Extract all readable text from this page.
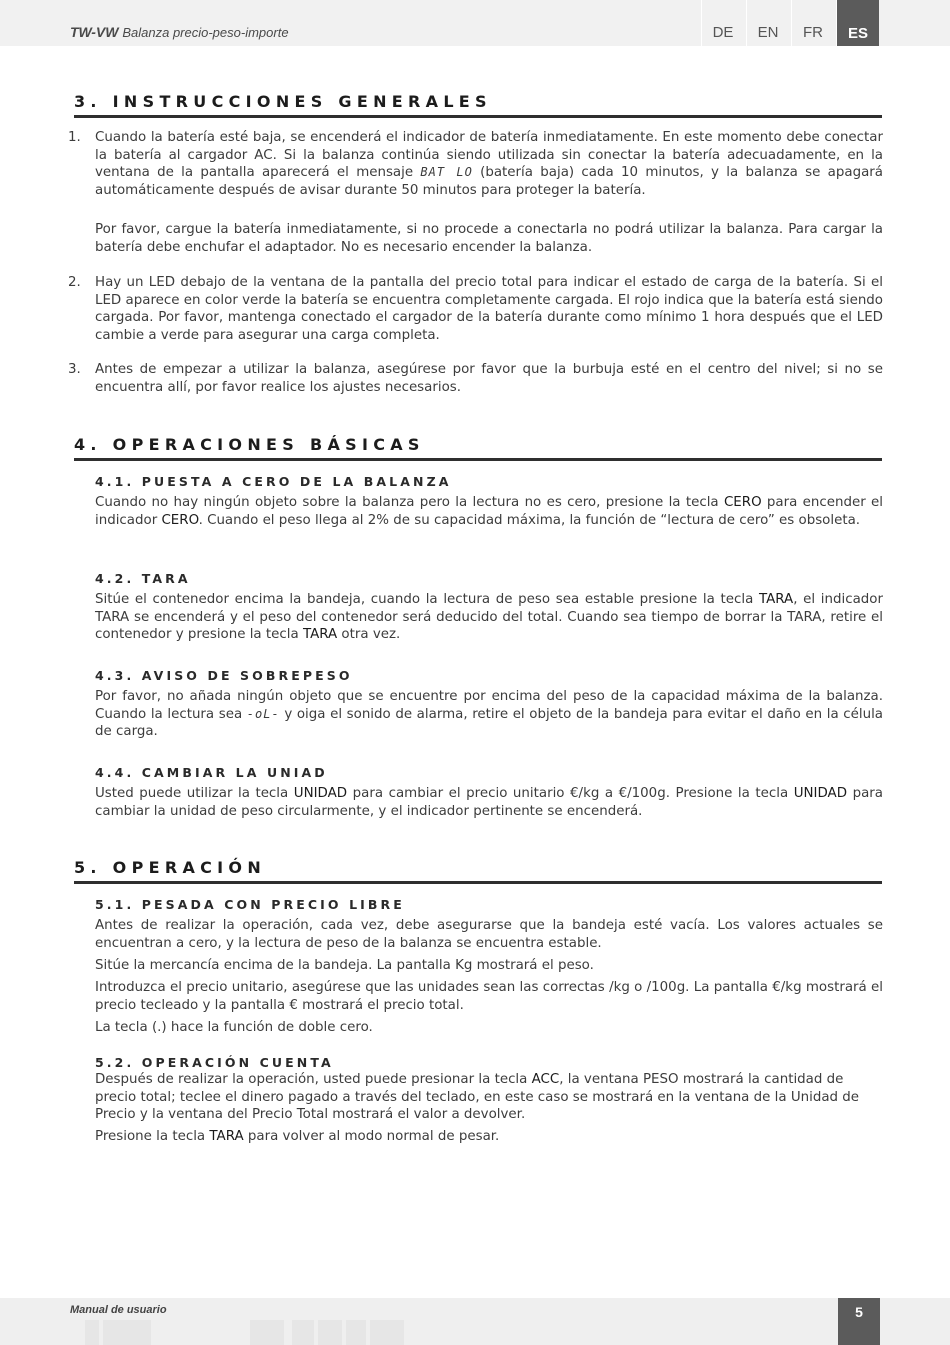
TW-VW Balanza precio-peso-importe	DE	EN	FR	ES
3. INSTRUCCIONES GENERALES
1. Cuando la batería esté baja, se encenderá el indicador de batería inmediatamente. En este momento debe conectar la batería al cargador AC. Si la balanza continúa siendo utilizada sin conectar la batería adecuadamente, en la ventana de la pantalla aparecerá el mensaje BAT LO (batería baja) cada 10 minutos, y la balanza se apagará automáticamente después de avisar durante 50 minutos para proteger la batería.

Por favor, cargue la batería inmediatamente, si no procede a conectarla no podrá utilizar la balanza. Para cargar la batería debe enchufar el adaptador. No es necesario encender la balanza.

2. Hay un LED debajo de la ventana de la pantalla del precio total para indicar el estado de carga de la batería. Si el LED aparece en color verde la batería se encuentra completamente cargada. El rojo indica que la batería está siendo cargada. Por favor, mantenga conectado el cargador de la batería durante como mínimo 1 hora después que el LED cambie a verde para asegurar una carga completa.

3. Antes de empezar a utilizar la balanza, asegúrese por favor que la burbuja esté en el centro del nivel; si no se encuentra allí, por favor realice los ajustes necesarios.

4. OPERACIONES BÁSICAS

4.1. PUESTA A CERO DE LA BALANZA

Cuando no hay ningún objeto sobre la balanza pero la lectura no es cero, presione la tecla CERO para encender el indicador CERO. Cuando el peso llega al 2% de su capacidad máxima, la función de “lectura de cero” es obsoleta.

4.2. TARA

Sitúe el contenedor encima la bandeja, cuando la lectura de peso sea estable presione la tecla TARA, el indicador TARA se encenderá y el peso del contenedor será deducido del total. Cuando sea tiempo de borrar la TARA, retire el contenedor y presione la tecla TARA otra vez.

4.3. AVISO DE SOBREPESO

Por favor, no añada ningún objeto que se encuentre por encima del peso de la capacidad máxima de la balanza. Cuando la lectura sea -oL- y oiga el sonido de alarma, retire el objeto de la bandeja para evitar el daño en la célula de carga.

4.4. CAMBIAR LA UNIAD

Usted puede utilizar la tecla UNIDAD para cambiar el precio unitario €/kg a €/100g. Presione la tecla UNIDAD para cambiar la unidad de peso circularmente, y el indicador pertinente se encenderá.

5. OPERACIÓN

5.1. PESADA CON PRECIO LIBRE

Antes de realizar la operación, cada vez, debe asegurarse que la bandeja esté vacía. Los valores actuales se encuentran a cero, y la lectura de peso de la balanza se encuentra estable.

Sitúe la mercancía encima de la bandeja. La pantalla Kg mostrará el peso.

Introduzca el precio unitario, asegúrese que las unidades sean las correctas /kg o /100g. La pantalla €/kg mostrará el precio tecleado y la pantalla € mostrará el precio total.

La tecla (.) hace la función de doble cero.

5.2. OPERACIÓN CUENTA

Después de realizar la operación, usted puede presionar la tecla ACC, la ventana PESO mostrará la cantidad de precio total; teclee el dinero pagado a través del teclado, en este caso se mostrará en la ventana de la Unidad de Precio y la ventana del Precio Total mostrará el valor a devolver.

Presione la tecla TARA para volver al modo normal de pesar.

Manual de usuario	5
